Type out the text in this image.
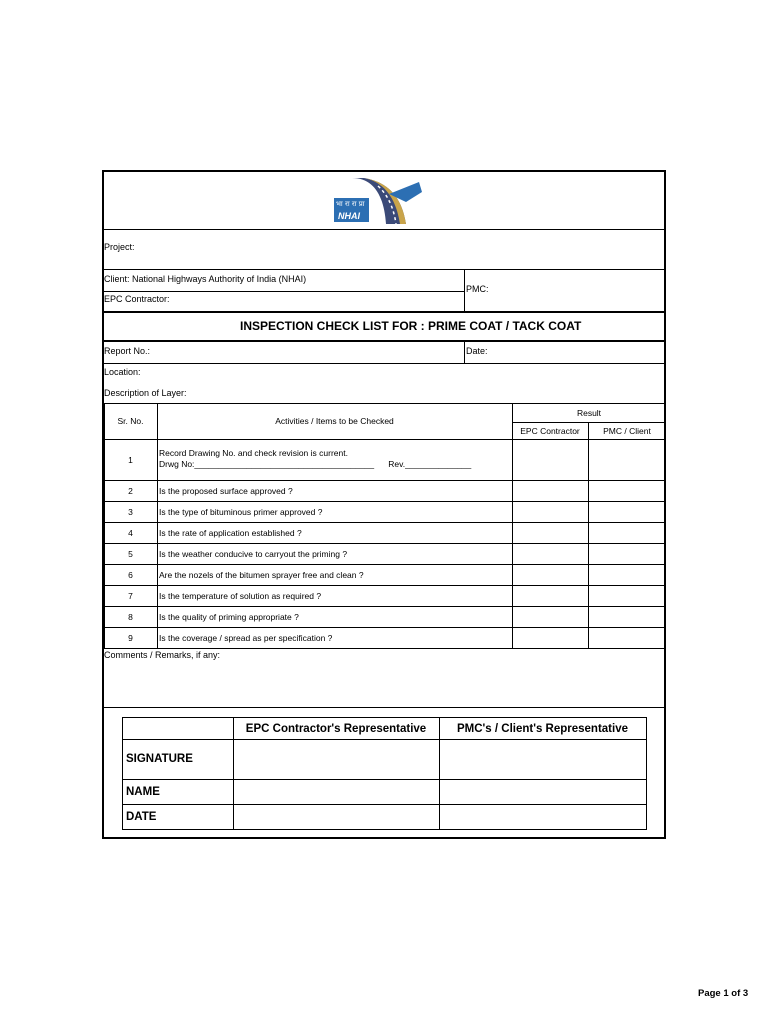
भा रा रा प्रा
NHAI
Project:
Client: National Highways Authority of India (NHAI)
PMC:
EPC Contractor:
INSPECTION CHECK LIST FOR : PRIME COAT / TACK COAT
Report No.:	Date:
Location:
Description of Layer:
Sr. No.	Activities / Items to be Checked
Result
EPC Contractor	PMC / Client
1
Record Drawing No. and check revision is current.
Drwg No:______________________________________      Rev.______________
2	Is the proposed surface approved ?
3	Is the type of bituminous primer approved ?
4	Is the rate of application established ?
5	Is the weather conducive to carryout the priming ?
6	Are the nozels of the bitumen sprayer free and clean ?
7	Is the temperature of solution as required ?
8	Is the quality of priming appropriate ?
9	Is the coverage / spread as per specification ?
Comments / Remarks, if any:
EPC Contractor's Representative	PMC's / Client's Representative
SIGNATURE
NAME
DATE
Page 1 of 3
